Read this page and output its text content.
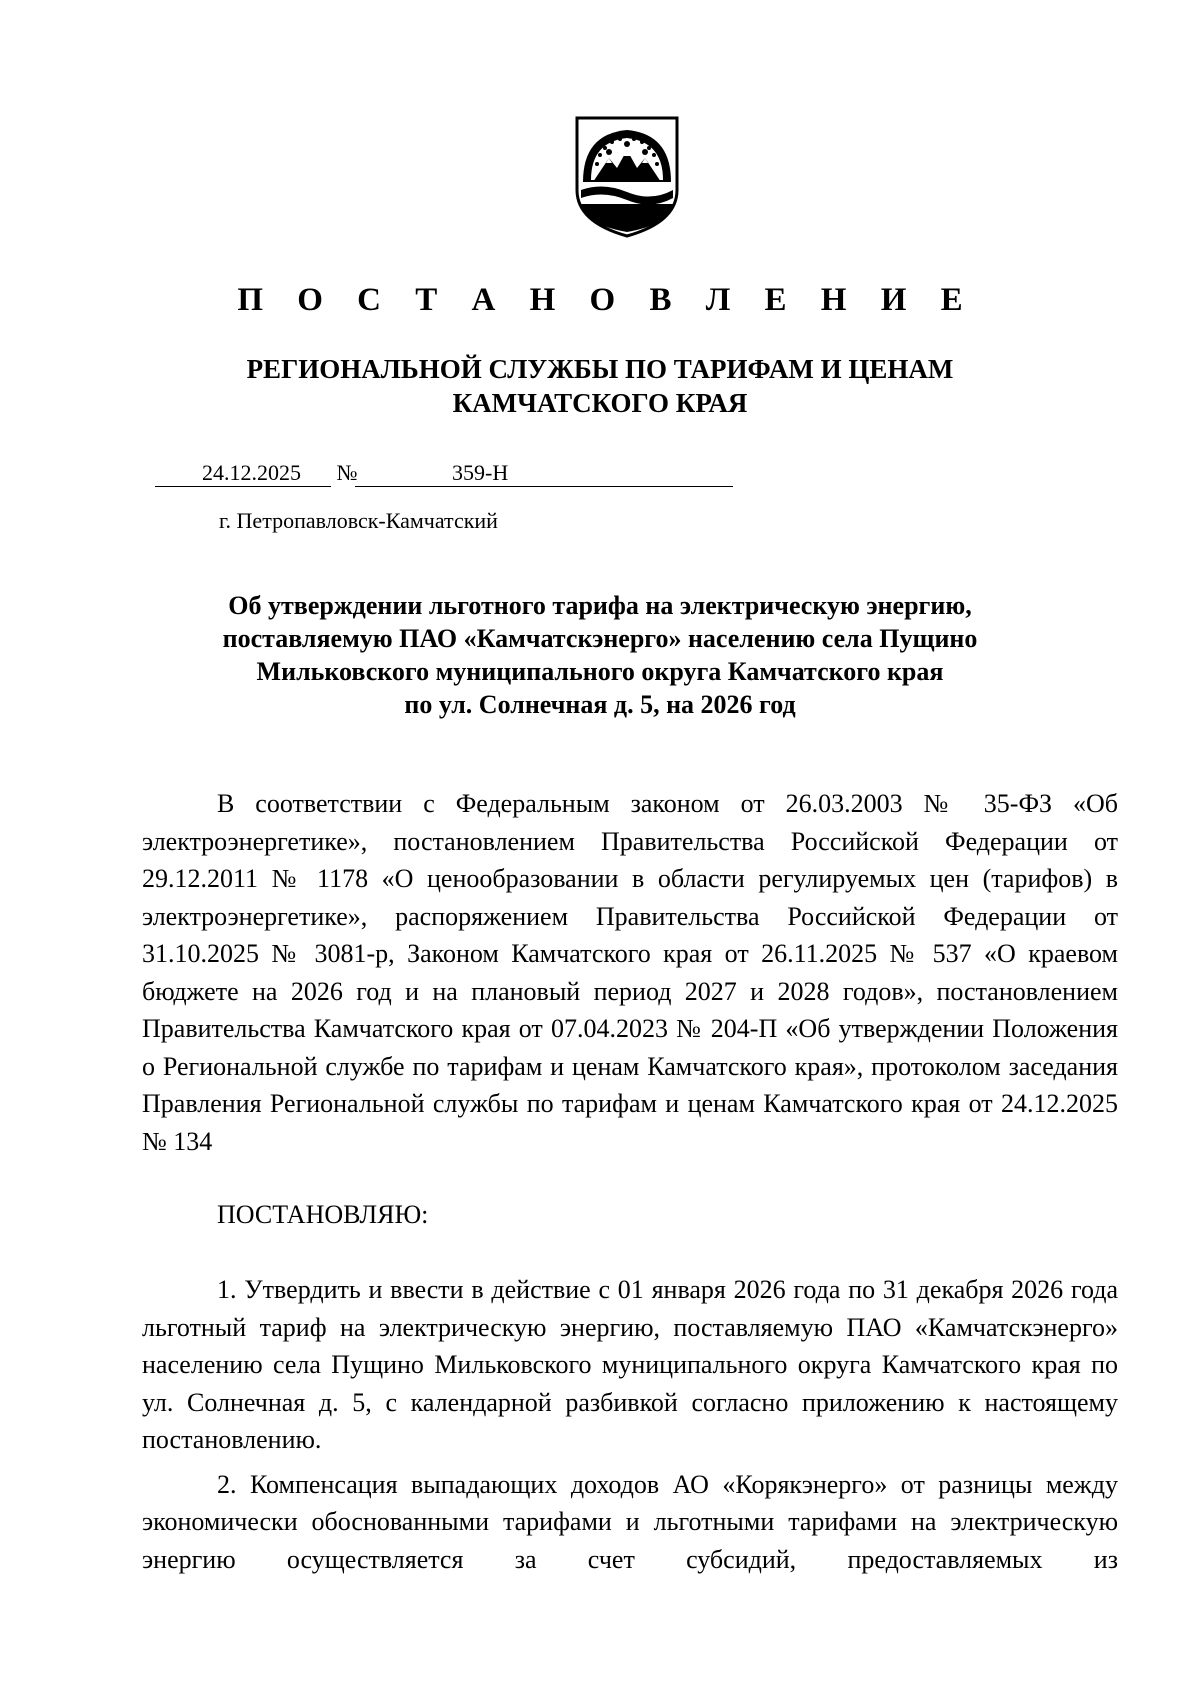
П О С Т А Н О В Л Е Н И Е
РЕГИОНАЛЬНОЙ СЛУЖБЫ ПО ТАРИФАМ И ЦЕНАМ
КАМЧАТСКОГО КРАЯ
24.12.2025 №	359-Н
г. Петропавловск-Камчатский
Об утверждении льготного тарифа на электрическую энергию,
поставляемую ПАО «Камчатскэнерго» населению села Пущино
Мильковского муниципального округа Камчатского края
по ул. Солнечная д. 5, на 2026 год

В соответствии с Федеральным законом от 26.03.2003 № 35-ФЗ «Об электроэнергетике», постановлением Правительства Российской Федерации от 29.12.2011 № 1178 «О ценообразовании в области регулируемых цен (тарифов) в электроэнергетике», распоряжением Правительства Российской Федерации от 31.10.2025 № 3081-р, Законом Камчатского края от 26.11.2025 № 537 «О краевом бюджете на 2026 год и на плановый период 2027 и 2028 годов», постановлением Правительства Камчатского края от 07.04.2023 № 204-П «Об утверждении Положения о Региональной службе по тарифам и ценам Камчатского края», протоколом заседания Правления Региональной службы по тарифам и ценам Камчатского края от 24.12.2025 № 134

ПОСТАНОВЛЯЮ:

1. Утвердить и ввести в действие с 01 января 2026 года по 31 декабря 2026 года льготный тариф на электрическую энергию, поставляемую ПАО «Камчатскэнерго» населению села Пущино Мильковского муниципального округа Камчатского края по ул. Солнечная д. 5, с календарной разбивкой согласно приложению к настоящему постановлению.

2. Компенсация выпадающих доходов АО «Корякэнерго» от разницы между экономически обоснованными тарифами и льготными тарифами на электрическую энергию осуществляется за счет субсидий, предоставляемых из
